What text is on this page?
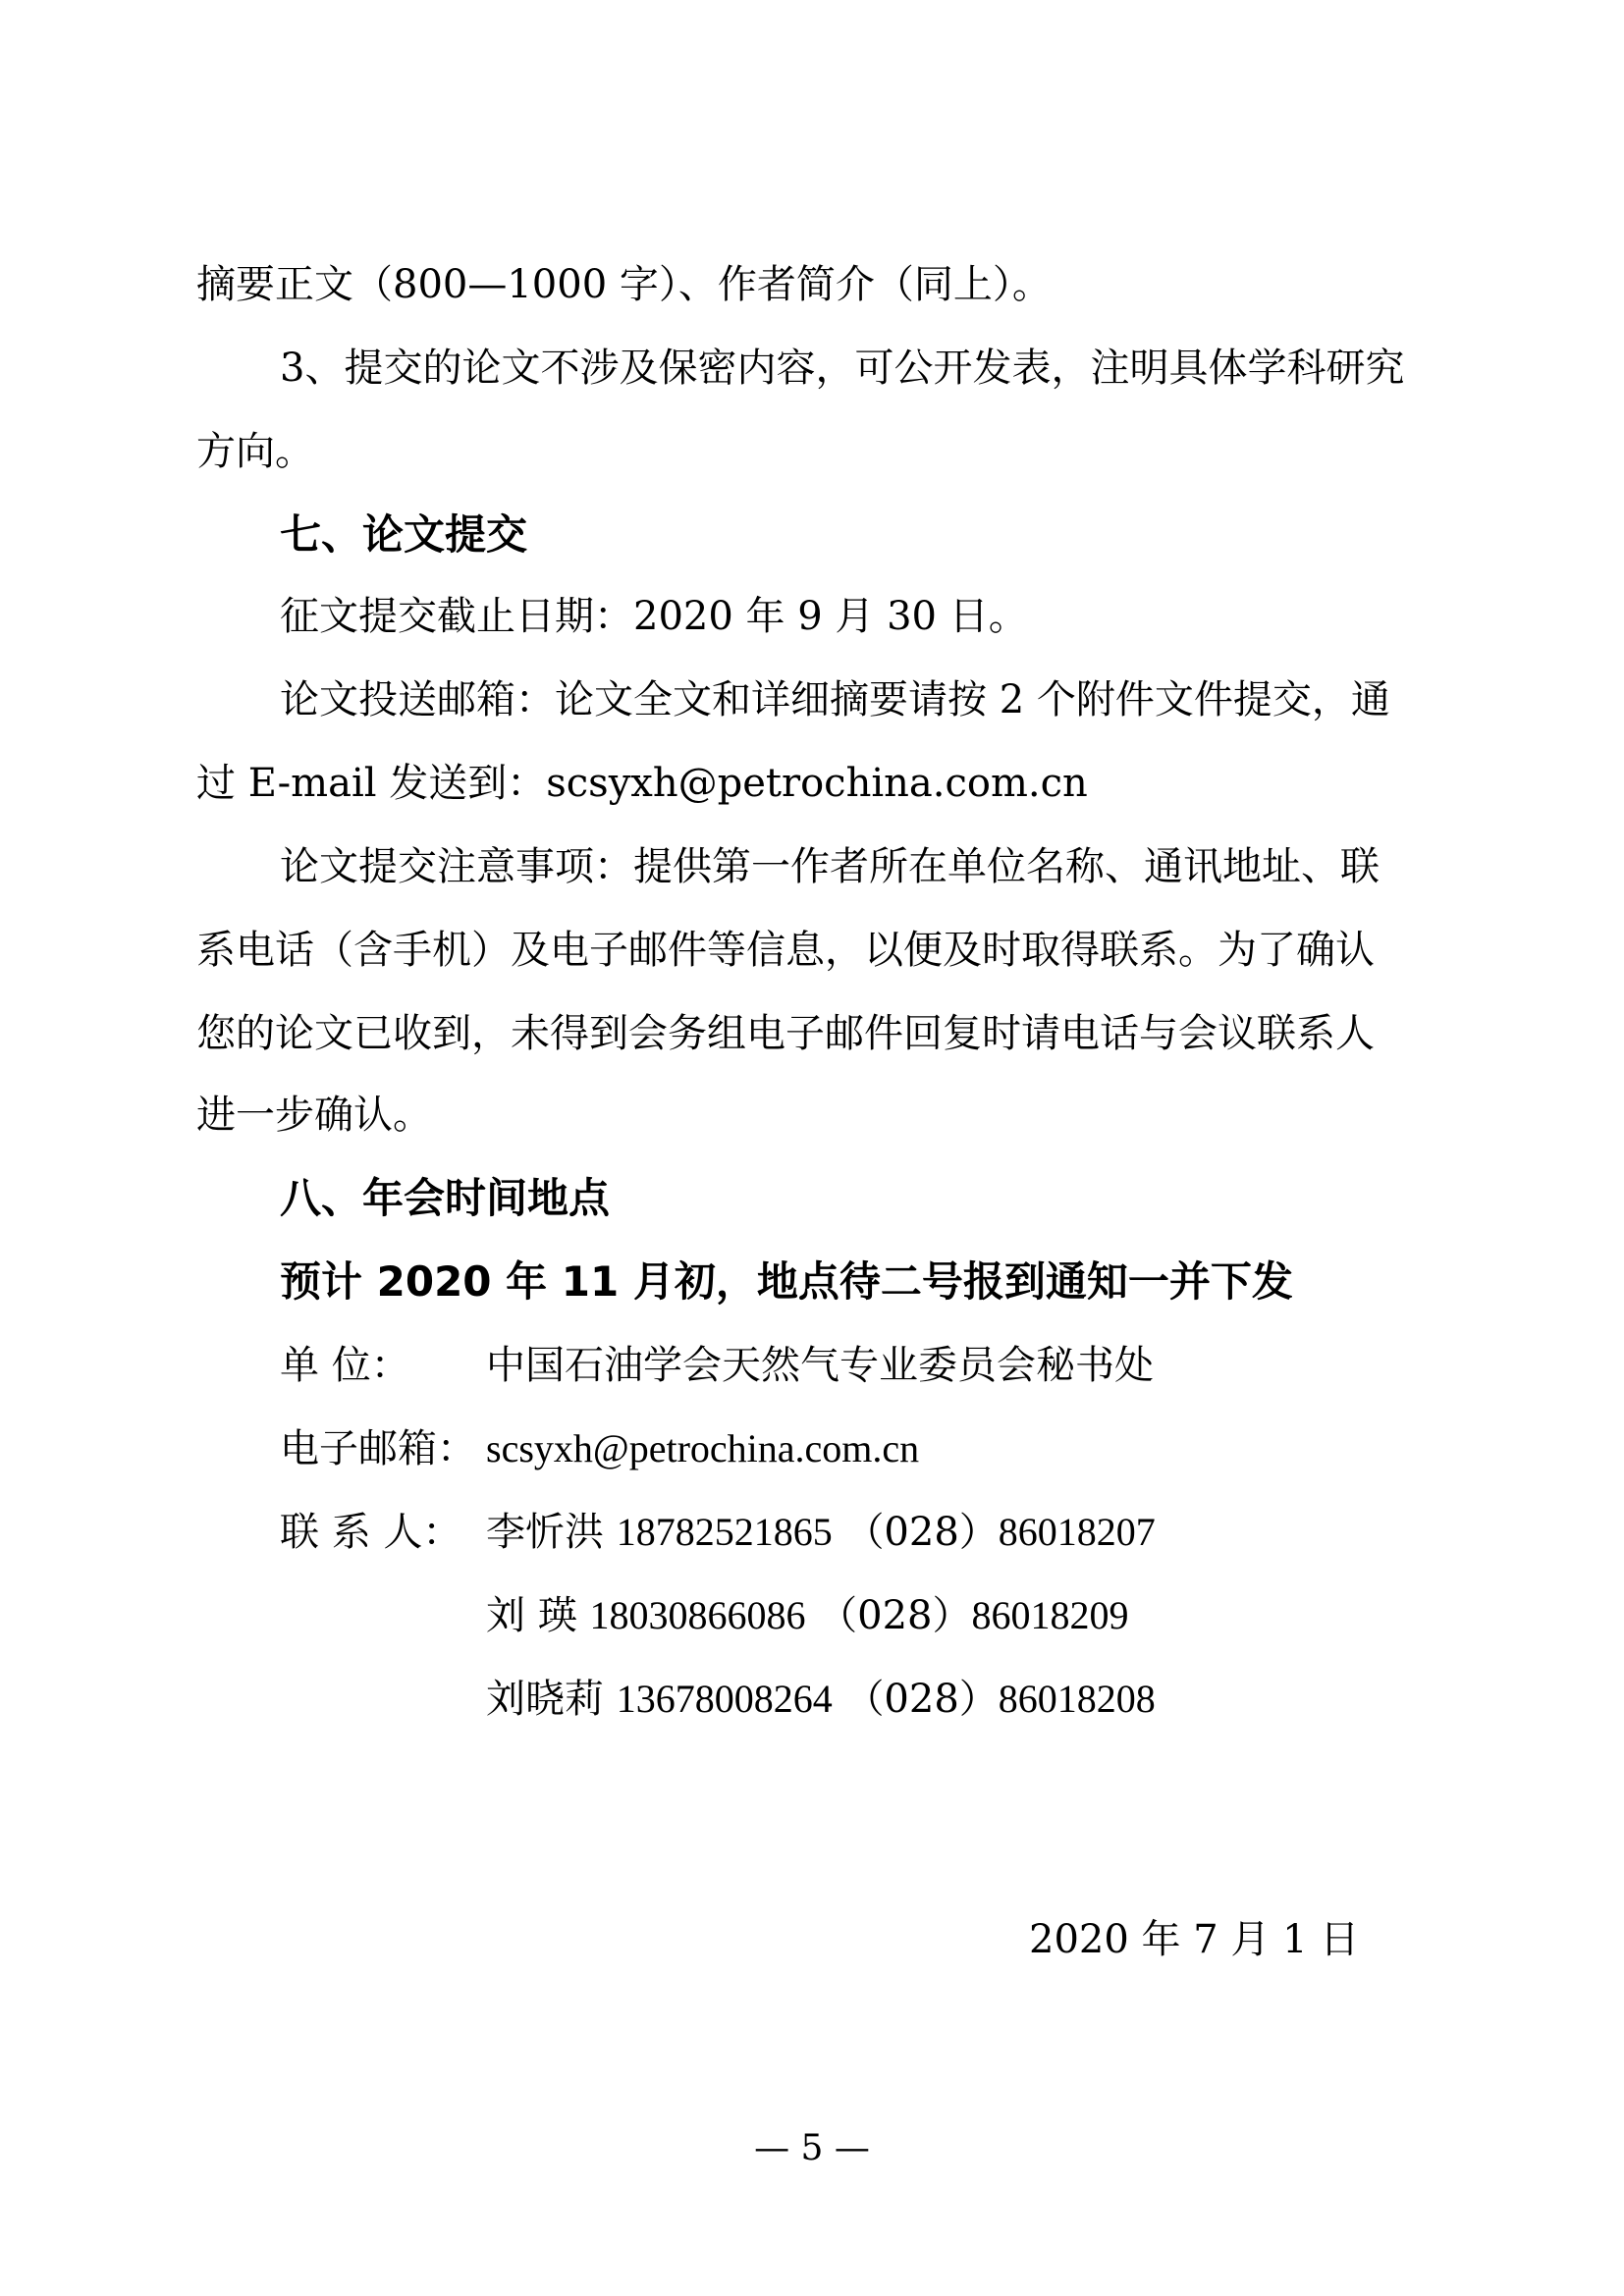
摘要正文（800—1000 字）、作者简介（同上）。
3、提交的论文不涉及保密内容，可公开发表，注明具体学科研究
方向。
七、论文提交
征文提交截止日期：2020 年 9 月 30 日。
论文投送邮箱：论文全文和详细摘要请按 2 个附件文件提交，通
过 E-mail 发送到：scsyxh@petrochina.com.cn
论文提交注意事项：提供第一作者所在单位名称、通讯地址、联
系电话（含手机）及电子邮件等信息，以便及时取得联系。为了确认
您的论文已收到，未得到会务组电子邮件回复时请电话与会议联系人
进一步确认。
八、年会时间地点
预计 2020 年 11 月初，地点待二号报到通知一并下发
单 位： 中国石油学会天然气专业委员会秘书处
电子邮箱： scsyxh@petrochina.com.cn
联 系 人： 李忻洪 18782521865 （028）86018207
刘 瑛 18030866086 （028）86018209
刘晓莉 13678008264 （028）86018208
2020 年 7 月 1 日
— 5 —
